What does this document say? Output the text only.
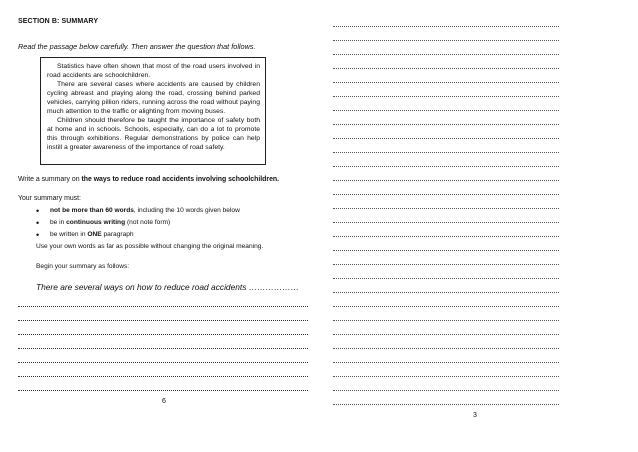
SECTION B: SUMMARY
Read the passage below carefully. Then answer the question that follows.

Statistics have often shown that most of the road users involved in road accidents are schoolchildren.

There are several cases where accidents are caused by children cycling abreast and playing along the road, crossing behind parked vehicles, carrying pillion riders, running across the road without paying much attention to the traffic or alighting from moving buses.

Children should therefore be taught the importance of safety both at home and in schools. Schools, especially, can do a lot to promote this through exhibitions. Regular demonstrations by police can help instill a greater awareness of the importance of road safety.

Write a summary on the ways to reduce road accidents involving schoolchildren.
Your summary must:
• not be more than 60 words, including the 10 words given below
• be in continuous writing (not note form)
• be written in ONE paragraph
Use your own words as far as possible without changing the original meaning.
Begin your summary as follows:
There are several ways on how to reduce road accidents ………………
6
3
